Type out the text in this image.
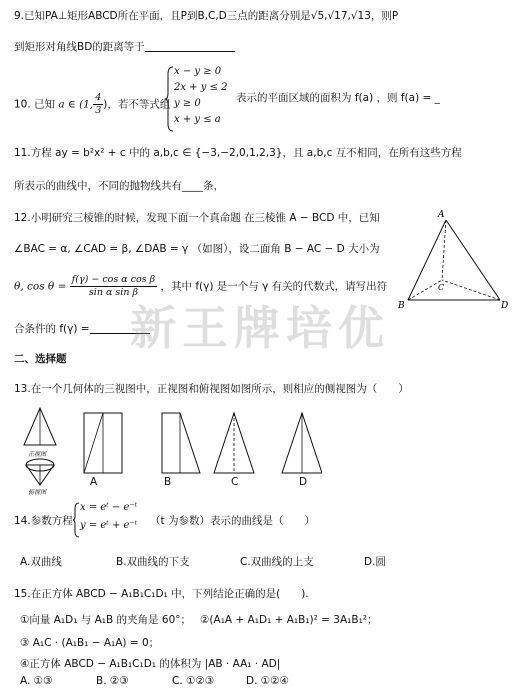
9.已知PA⊥矩形ABCD所在平面，且P到B,C,D三点的距离分别是√5,√17,√13，则P
到矩形对角线BD的距离等于
10. 已知 a ∈ (1, $\frac{4}{3}$ )，若不等式组
x − y ≥ 0
2x + y ≤ 2
y ≥ 0
x + y ≤ a
表示的平面区域的面积为 f(a) ，则 f(a) = _
11.方程 ay = b²x² + c 中的 a,b,c ∈ {−3,−2,0,1,2,3}，且 a,b,c 互不相同，在所有这些方程
所表示的曲线中，不同的抛物线共有____条，
12.小明研究三棱锥的时候，发现下面一个真命题 在三棱锥 A − BCD 中，已知
∠BAC = α, ∠CAD = β, ∠DAB = γ （如图），设二面角 B − AC − D 大小为
θ, $\cos \theta = \frac{\text{f(γ) − cos α cos β}}{\text{sin α sin β}}$ ，其中 f(γ) 是一个与 γ 有关的代数式，请写出符
合条件的 f(γ) =
A
B
C
D
新王牌培优
二、选择题
13.在一个几何体的三视图中，正视图和俯视图如图所示，则相应的侧视图为（　　）
正视图
俯视图
A	B	C	D
14.参数方程
x = eᵗ − e⁻ᵗ
y = eᵗ + e⁻ᵗ （t 为参数）表示的曲线是（　　）
A.双曲线	B.双曲线的下支	C.双曲线的上支	D.圆
15.在正方体 ABCD − A₁B₁C₁D₁ 中，下列结论正确的是(　　).
①向量 A₁D₁ 与 A₁B 的夹角是 60°； ②(A₁A + A₁D₁ + A₁B₁)² = 3A₁B₁²；
③ A₁C · (A₁B₁ − A₁A) = 0；
④正方体 ABCD − A₁B₁C₁D₁ 的体积为 |AB · AA₁ · AD|
A. ①③	B. ②③	C. ①②③	D. ①②④
